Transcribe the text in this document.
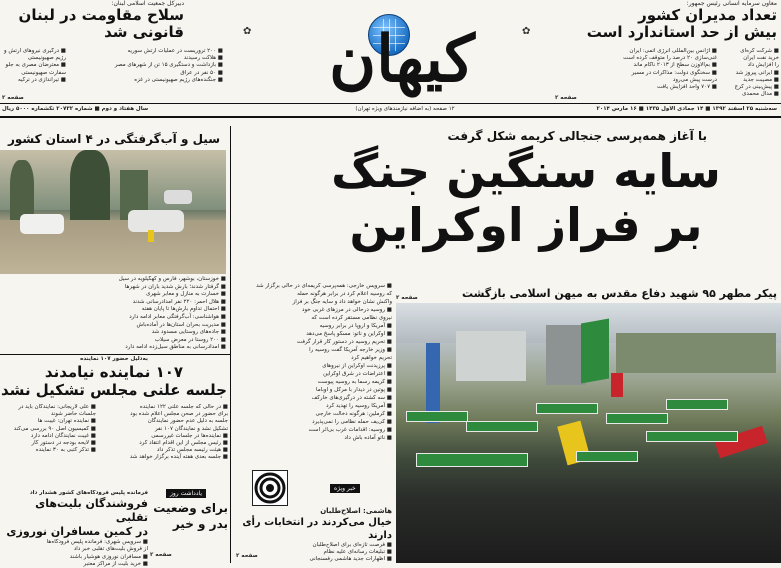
معاون سرمایه انسانی رئیس جمهور:
تعداد مدیران کشور
بیش از حد استاندارد است
■ آژانس بین‌المللی انرژی اتمی: ایران
غنی‌سازی ۲۰ درصد را متوقف کرده است
■ بم‌الاوزن سطح از ۲۰۱۳ ناکام ماند
■ سخنگوی دولت: مذاکرات در مسیر
درست پیش می‌رود
■ ۷۰۷ واحد افزایش یافت
■ شرکت کره‌ای
خرید نفت ایران
را افزایش داد
■ ایرانی پیروز شد
■ مصیبت جدید
■ پیش‌بینی در کرج
■ مدال محمدی
صفحه ۲
✿
کیهان
دبیرکل جمعیت اسلامی لبنان:
سلاح مقاومت در لبنان
قانونی شد
■ ۲۰۰ تروریست در عملیات ارتش سوریه
■ هلاکت رسیدند
■ بازداشت و دستگیری ۱۵ تن از شهرهای مصر
■ ۵۰ نفر در عراق
■ جنگنده‌های رژیم صهیونیستی در غزه
■ درگیری نیروهای ارتش و
رژیم صهیونیستی
■ معترضان مصری به جلو
سفارت صهیونیستی
■ تیراندازی در ترکیه
صفحه ۲
✿
سه‌شنبه ۲۵ اسفند ۱۳۹۲ ■ ۱۴ جمادی الاول ۱۴۳۵ ■ ۱۶ مارس ۲۰۱۴
۱۲ صفحه (به اضافه نیازمند‌های ویژه تهران)
سال هفتاد و دوم ■ شماره ۲۰۷۳۲ تکشماره ۵۰۰۰ ریال
با آغاز همه‌پرسی جنجالی کریمه شکل گرفت
سایه سنگین جنگ
بر فراز اوکراین
پیکر مطهر ۹۵ شهید دفاع مقدس به میهن اسلامی بازگشت
صفحه ۲
■ سرویس خارجی: همه‌پرسی کریمه‌ای در حالی برگزار شد
که روسیه اعلام کرد در برابر هرگونه حمله
واکنش نشان خواهد داد و سایه جنگ بر فراز
■ روسیه درحالی در مرزهای غربی خود
نیروی نظامی مستقر کرده است که
■ آمریکا و اروپا در برابر روسیه
■ اوکراین و ناتو: مسکو پاسخ می‌دهد
■ تحریم روسیه در دستور کار قرار گرفت
■ وزیر خارجه آمریکا گفت روسیه را
تحریم خواهیم کرد
■ پرزیدنت اوکراین از نیروهای
■ اعتراضات در شرق اوکراین
■ کریمه رسما به روسیه پیوست
■ پوتین در دیدار با مرکل و اوباما
■ سه کشته در درگیری‌های خارکف
■ آمریکا روسیه را تهدید کرد
■ کرملین: هرگونه دخالت خارجی
■ کی‌یف حمله نظامی را نمی‌پذیرد
■ روسیه: اقدامات غرب بی‌اثر است
■ ناتو آماده باش داد
خبر ویژه
هاشمی: اصلاح‌طلبان
خیال می‌کردند در انتخابات رأی دارند
■ فرصت‌ تازه‌ای برای اصلاح‌طلبان
■ تبلیغات رسانه‌ای علیه نظام
■ اظهارات جدید هاشمی رفسنجانی
صفحه ۲
سیل و آب‌گرفتگی در ۴ استان کشور
■ خوزستان، بوشهر، فارس و کهگیلویه در سیل
■ گرفتار شدند؛ بارش شدید باران در شهرها
■ خسارت به منازل و معابر شهری
■ هلال احمر: ۲۲۰ نفر امدادرسانی شدند
■ احتمال تداوم بارش‌ها تا پایان هفته
■ هواشناسی: آب‌گرفتگی معابر ادامه دارد
■ مدیریت بحران استان‌ها در آماده‌باش
■ جاده‌های روستایی مسدود شد
■ ۲۰۰ روستا در معرض سیلاب
■ امدادرسانی به مناطق سیل‌زده ادامه دارد
به‌دلیل حضور ۱۰۷ نماینده
۱۰۷ نماینده نیامدند
جلسه علنی مجلس تشکیل نشد
■ در حالی که جلسه علنی ۱۲۲ نماینده
برای حضور در صحن مجلس اعلام شده بود
جلسه به دلیل عدم حضور نمایندگان
تشکیل نشد و نمایندگان ۱۰۷ نفر
■ نماینده‌ها در جلسات غیررسمی
■ رئیس مجلس از این اقدام انتقاد کرد
■ هیئت رئیسه مجلس تذکر داد
■ جلسه بعدی هفته آینده برگزار خواهد شد
■ علی لاریجانی: نمایندگان باید در
جلسات حاضر شوند
■ نماینده تهران: غیبت ها
■ کمیسیون اصل ۹۰ بررسی می‌کند
■ غیبت نمایندگان ادامه دارد
■ لایحه بودجه در دستور کار
■ تذکر کتبی به ۳۰ نماینده
یادداشت روز
برای وضعیت
بدر و خیر
صفحه ۲
فرمانده پلیس فرودگاه‌های کشور هشدار داد
فروشندگان بلیت‌های تقلبی
در کمین مسافران نوروزی
■ سرویس شهری: فرمانده پلیس فرودگاه‌ها
از فروش بلیت‌های تقلبی خبر داد
■ مسافران نوروزی هوشیار باشند
■ خرید بلیت از مراکز معتبر
